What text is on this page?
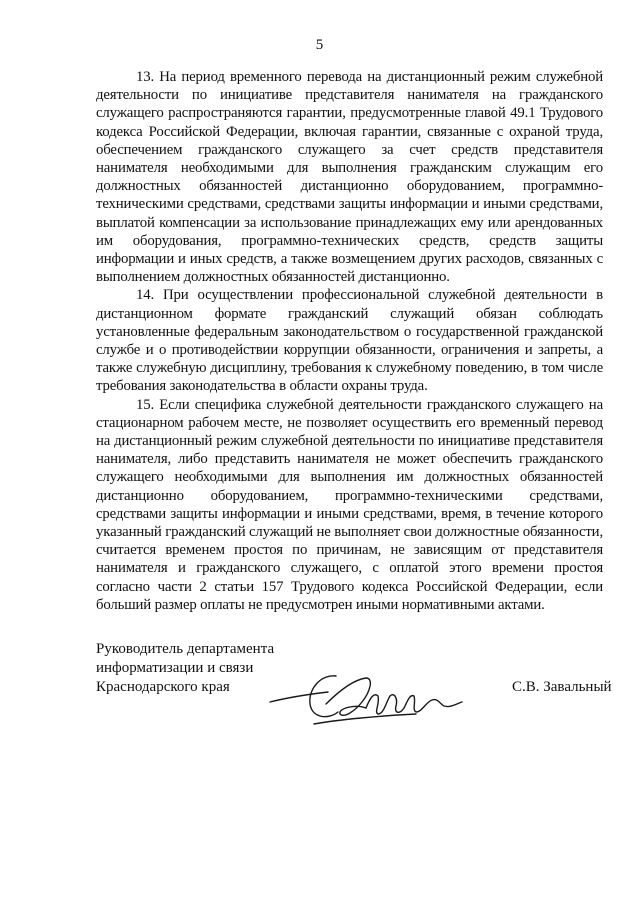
5

13. На период временного перевода на дистанционный режим служебной деятельности по инициативе представителя нанимателя на гражданского служащего распространяются гарантии, предусмотренные главой 49.1 Трудового кодекса Российской Федерации, включая гарантии, связанные с охраной труда, обеспечением гражданского служащего за счет средств представителя нанимателя необходимыми для выполнения гражданским служащим его должностных обязанностей дистанционно оборудованием, программно-техническими средствами, средствами защиты информации и иными средствами, выплатой компенсации за использование принадлежащих ему или арендованных им оборудования, программно-технических средств, средств защиты информации и иных средств, а также возмещением других расходов, связанных с выполнением должностных обязанностей дистанционно.

14. При осуществлении профессиональной служебной деятельности в дистанционном формате гражданский служащий обязан соблюдать установленные федеральным законодательством о государственной гражданской службе и о противодействии коррупции обязанности, ограничения и запреты, а также служебную дисциплину, требования к служебному поведению, в том числе требования законодательства в области охраны труда.

15. Если специфика служебной деятельности гражданского служащего на стационарном рабочем месте, не позволяет осуществить его временный перевод на дистанционный режим служебной деятельности по инициативе представителя нанимателя, либо представить нанимателя не может обеспечить гражданского служащего необходимыми для выполнения им должностных обязанностей дистанционно оборудованием, программно-техническими средствами, средствами защиты информации и иными средствами, время, в течение которого указанный гражданский служащий не выполняет свои должностные обязанности, считается временем простоя по причинам, не зависящим от представителя нанимателя и гражданского служащего, с оплатой этого времени простоя согласно части 2 статьи 157 Трудового кодекса Российской Федерации, если больший размер оплаты не предусмотрен иными нормативными актами.

Руководитель департамента
информатизации и связи
Краснодарского края	С.В. Завальный
